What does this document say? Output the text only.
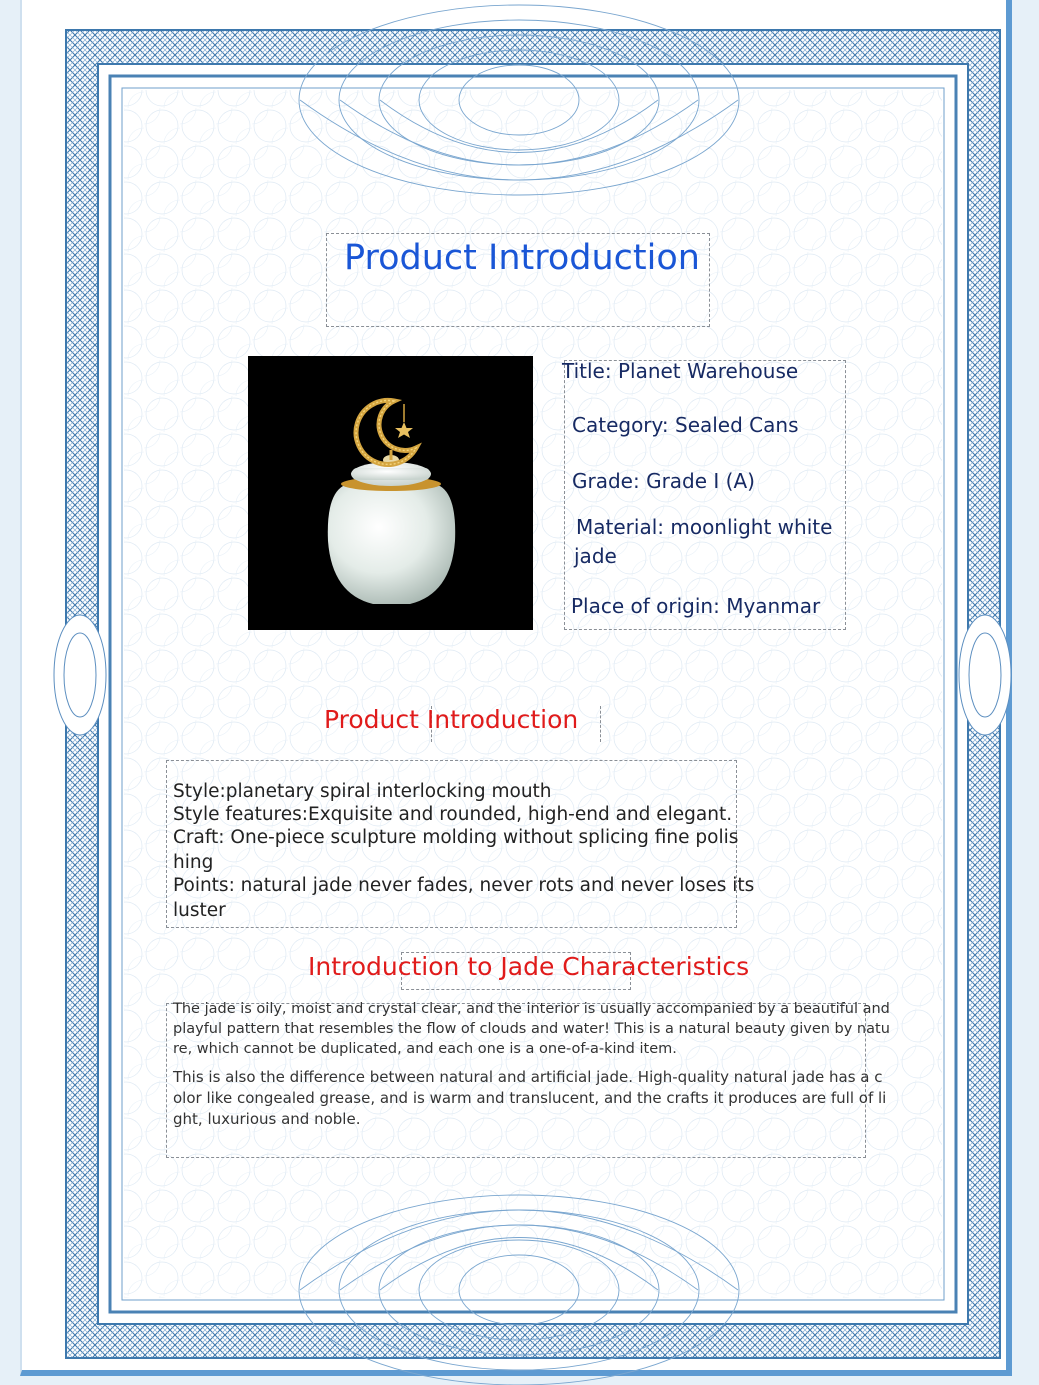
Product Introduction
Title: Planet Warehouse
Category: Sealed Cans
Grade: Grade I (A)
Material: moonlight white
jade
Place of origin: Myanmar
Product Introduction
Style:planetary spiral interlocking mouth
Style features:Exquisite and rounded, high-end and elegant.
Craft: One-piece sculpture molding without splicing fine polis
hing
Points: natural jade never fades, never rots and never loses its
luster
Introduction to Jade Characteristics
The jade is oily, moist and crystal clear, and the interior is usually accompanied by a beautiful and
playful pattern that resembles the flow of clouds and water! This is a natural beauty given by natu
re, which cannot be duplicated, and each one is a one-of-a-kind item.
This is also the difference between natural and artificial jade. High-quality natural jade has a c
olor like congealed grease, and is warm and translucent, and the crafts it produces are full of li
ght, luxurious and noble.
